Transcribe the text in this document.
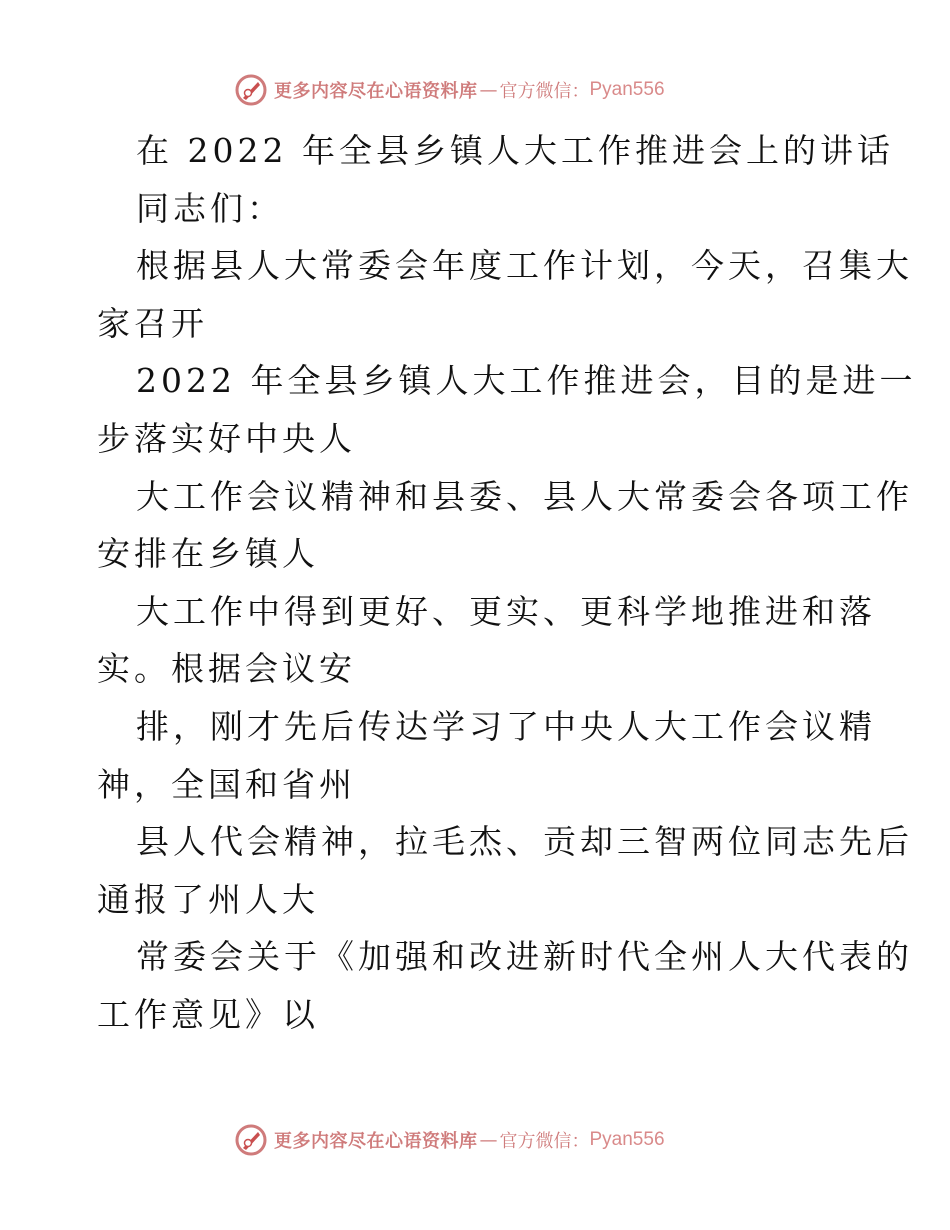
更多内容尽在心语资料库 — 官方微信： Pyan556
在 2022 年全县乡镇人大工作推进会上的讲话
同志们：
根据县人大常委会年度工作计划，今天，召集大
家召开
2022 年全县乡镇人大工作推进会，目的是进一
步落实好中央人
大工作会议精神和县委、县人大常委会各项工作
安排在乡镇人
大工作中得到更好、更实、更科学地推进和落
实。根据会议安
排，刚才先后传达学习了中央人大工作会议精
神，全国和省州
县人代会精神，拉毛杰、贡却三智两位同志先后
通报了州人大
常委会关于《加强和改进新时代全州人大代表的
工作意见》以
更多内容尽在心语资料库 — 官方微信： Pyan556
